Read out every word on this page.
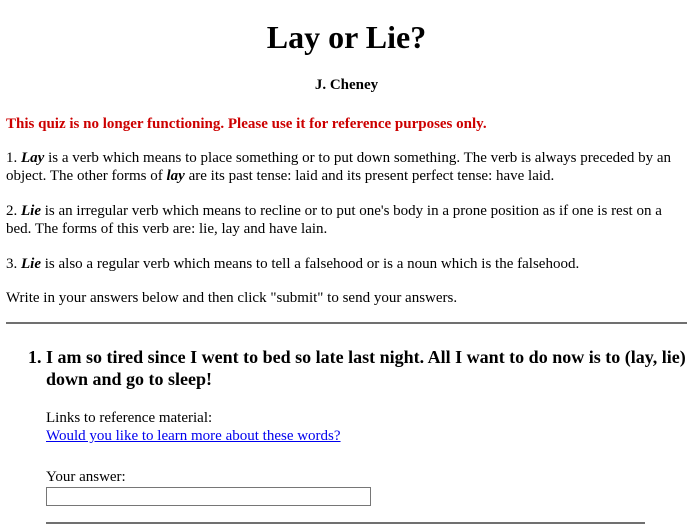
Lay or Lie?
J. Cheney
This quiz is no longer functioning. Please use it for reference purposes only.

1. Lay is a verb which means to place something or to put down something. The verb is always preceded by an object. The other forms of lay are its past tense: laid and its present perfect tense: have laid.

2. Lie is an irregular verb which means to recline or to put one's body in a prone position as if one is rest on a bed. The forms of this verb are: lie, lay and have lain.

3. Lie is also a regular verb which means to tell a falsehood or is a noun which is the falsehood.

Write in your answers below and then click "submit" to send your answers.

1. I am so tired since I went to bed so late last night. All I want to do now is to (lay, lie) down and go to sleep!
Links to reference material:
Would you like to learn more about these words?
Your answer:
